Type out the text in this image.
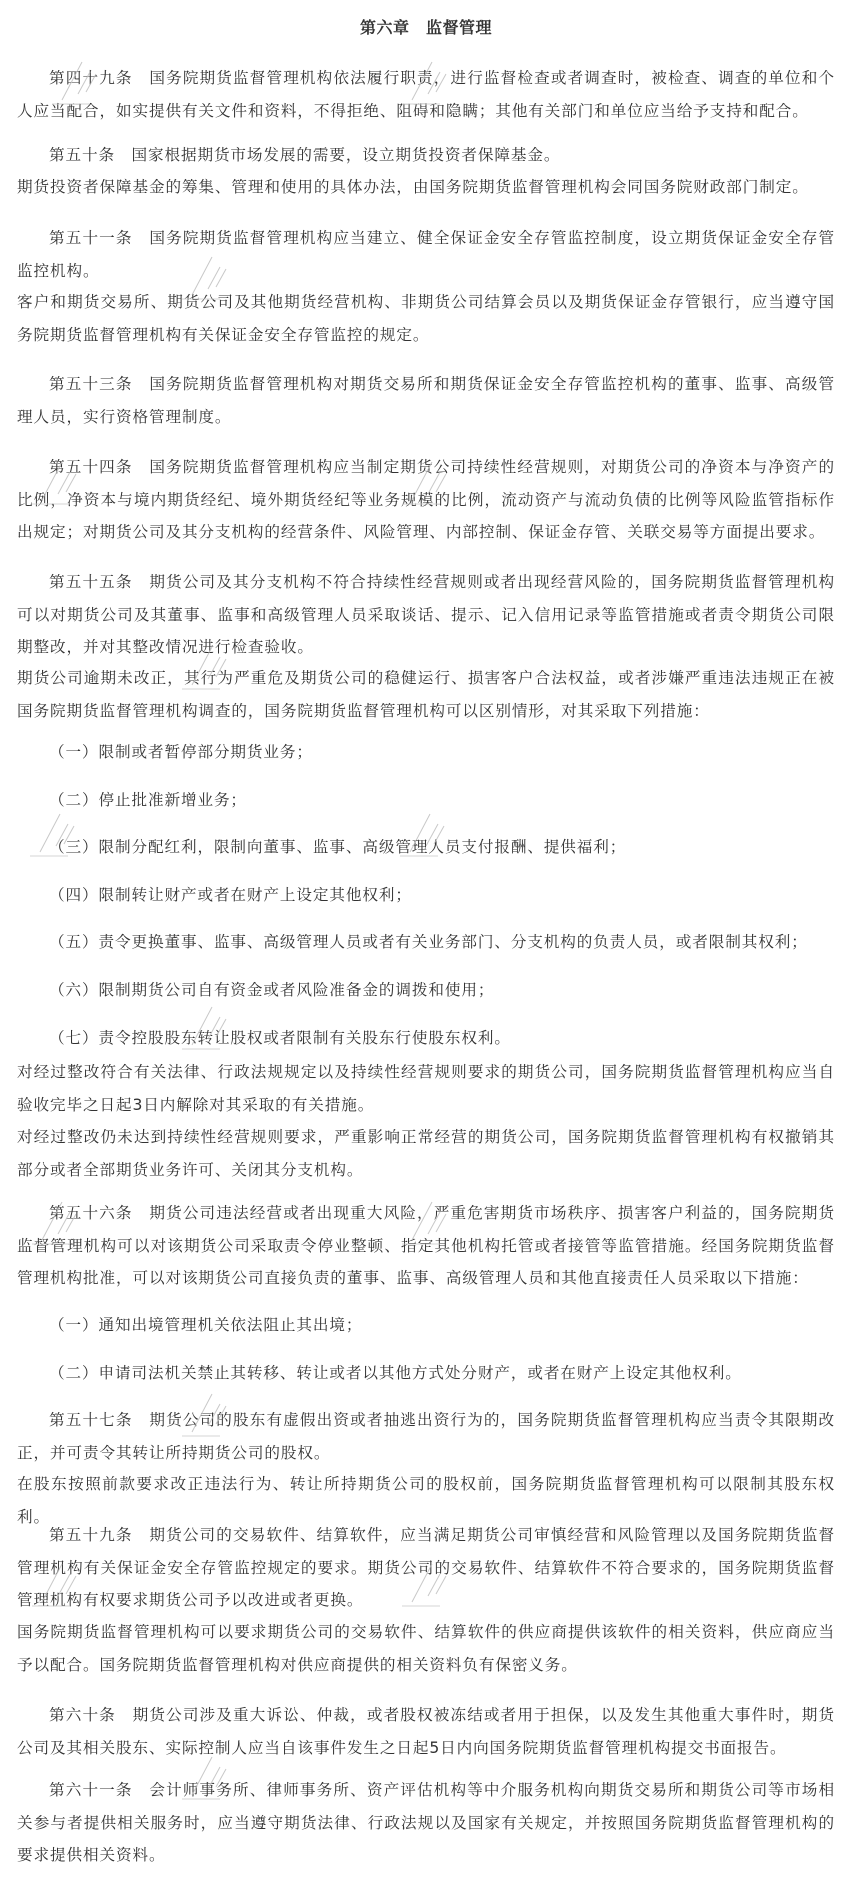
第六章　监督管理

第四十九条　国务院期货监督管理机构依法履行职责，进行监督检查或者调查时，被检查、调查的单位和个人应当配合，如实提供有关文件和资料，不得拒绝、阻碍和隐瞒；其他有关部门和单位应当给予支持和配合。

第五十条　国家根据期货市场发展的需要，设立期货投资者保障基金。

期货投资者保障基金的筹集、管理和使用的具体办法，由国务院期货监督管理机构会同国务院财政部门制定。

第五十一条　国务院期货监督管理机构应当建立、健全保证金安全存管监控制度，设立期货保证金安全存管监控机构。

客户和期货交易所、期货公司及其他期货经营机构、非期货公司结算会员以及期货保证金存管银行，应当遵守国务院期货监督管理机构有关保证金安全存管监控的规定。

第五十三条　国务院期货监督管理机构对期货交易所和期货保证金安全存管监控机构的董事、监事、高级管理人员，实行资格管理制度。

第五十四条　国务院期货监督管理机构应当制定期货公司持续性经营规则，对期货公司的净资本与净资产的比例，净资本与境内期货经纪、境外期货经纪等业务规模的比例，流动资产与流动负债的比例等风险监管指标作出规定；对期货公司及其分支机构的经营条件、风险管理、内部控制、保证金存管、关联交易等方面提出要求。

第五十五条　期货公司及其分支机构不符合持续性经营规则或者出现经营风险的，国务院期货监督管理机构可以对期货公司及其董事、监事和高级管理人员采取谈话、提示、记入信用记录等监管措施或者责令期货公司限期整改，并对其整改情况进行检查验收。

期货公司逾期未改正，其行为严重危及期货公司的稳健运行、损害客户合法权益，或者涉嫌严重违法违规正在被国务院期货监督管理机构调查的，国务院期货监督管理机构可以区别情形，对其采取下列措施：

（一）限制或者暂停部分期货业务；

（二）停止批准新增业务；

（三）限制分配红利，限制向董事、监事、高级管理人员支付报酬、提供福利；

（四）限制转让财产或者在财产上设定其他权利；

（五）责令更换董事、监事、高级管理人员或者有关业务部门、分支机构的负责人员，或者限制其权利；

（六）限制期货公司自有资金或者风险准备金的调拨和使用；

（七）责令控股股东转让股权或者限制有关股东行使股东权利。

对经过整改符合有关法律、行政法规规定以及持续性经营规则要求的期货公司，国务院期货监督管理机构应当自验收完毕之日起3日内解除对其采取的有关措施。

对经过整改仍未达到持续性经营规则要求，严重影响正常经营的期货公司，国务院期货监督管理机构有权撤销其部分或者全部期货业务许可、关闭其分支机构。

第五十六条　期货公司违法经营或者出现重大风险，严重危害期货市场秩序、损害客户利益的，国务院期货监督管理机构可以对该期货公司采取责令停业整顿、指定其他机构托管或者接管等监管措施。经国务院期货监督管理机构批准，可以对该期货公司直接负责的董事、监事、高级管理人员和其他直接责任人员采取以下措施：

（一）通知出境管理机关依法阻止其出境；

（二）申请司法机关禁止其转移、转让或者以其他方式处分财产，或者在财产上设定其他权利。

第五十七条　期货公司的股东有虚假出资或者抽逃出资行为的，国务院期货监督管理机构应当责令其限期改正，并可责令其转让所持期货公司的股权。

在股东按照前款要求改正违法行为、转让所持期货公司的股权前，国务院期货监督管理机构可以限制其股东权利。

第五十九条　期货公司的交易软件、结算软件，应当满足期货公司审慎经营和风险管理以及国务院期货监督管理机构有关保证金安全存管监控规定的要求。期货公司的交易软件、结算软件不符合要求的，国务院期货监督管理机构有权要求期货公司予以改进或者更换。

国务院期货监督管理机构可以要求期货公司的交易软件、结算软件的供应商提供该软件的相关资料，供应商应当予以配合。国务院期货监督管理机构对供应商提供的相关资料负有保密义务。

第六十条　期货公司涉及重大诉讼、仲裁，或者股权被冻结或者用于担保，以及发生其他重大事件时，期货公司及其相关股东、实际控制人应当自该事件发生之日起5日内向国务院期货监督管理机构提交书面报告。

第六十一条　会计师事务所、律师事务所、资产评估机构等中介服务机构向期货交易所和期货公司等市场相关参与者提供相关服务时，应当遵守期货法律、行政法规以及国家有关规定，并按照国务院期货监督管理机构的要求提供相关资料。
